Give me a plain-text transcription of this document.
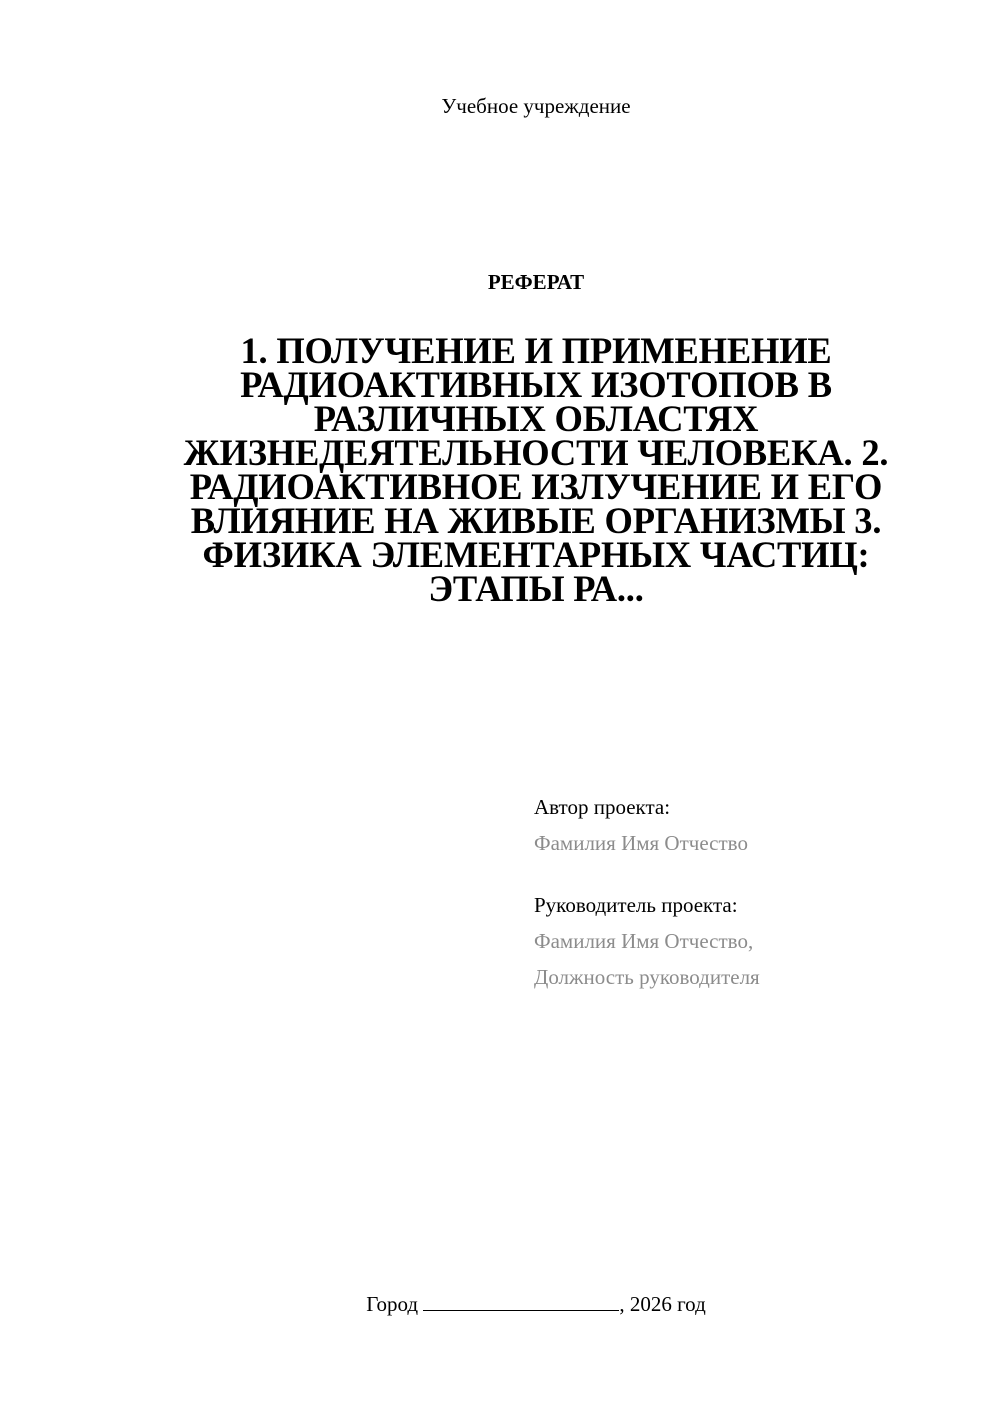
Учебное учреждение
РЕФЕРАТ
1. ПОЛУЧЕНИЕ И ПРИМЕНЕНИЕ РАДИОАКТИВНЫХ ИЗОТОПОВ В РАЗЛИЧНЫХ ОБЛАСТЯХ ЖИЗНЕДЕЯТЕЛЬНОСТИ ЧЕЛОВЕКА. 2. РАДИОАКТИВНОЕ ИЗЛУЧЕНИЕ И ЕГО ВЛИЯНИЕ НА ЖИВЫЕ ОРГАНИЗМЫ 3. ФИЗИКА ЭЛЕМЕНТАРНЫХ ЧАСТИЦ: ЭТАПЫ РА...
Автор проекта:
Фамилия Имя Отчество
Руководитель проекта:
Фамилия Имя Отчество,
Должность руководителя
Город	, 2026 год
